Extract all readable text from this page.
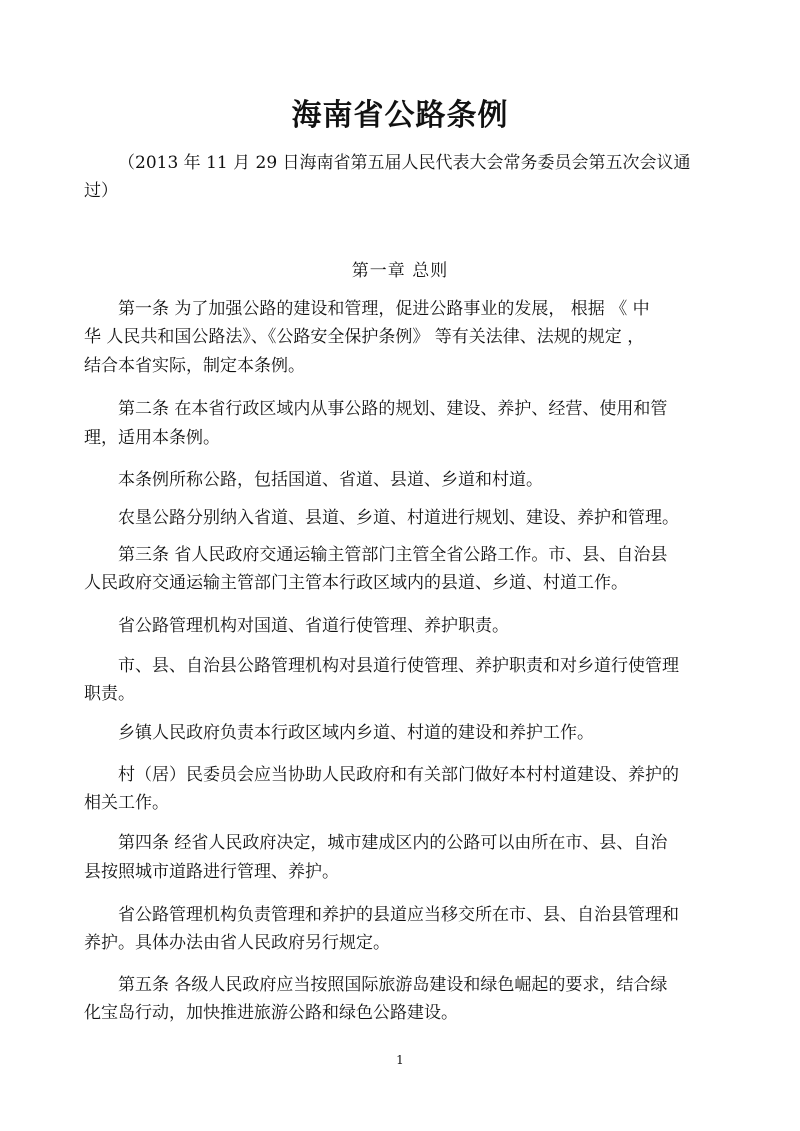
海南省公路条例
（2013 年 11 月 29 日海南省第五届人民代表大会常务委员会第五次会议通
过）
第一章 总则
第一条 为了加强公路的建设和管理，促进公路事业的发展， 根据 《 中
华 人民共和国公路法》、《公路安全保护条例》 等有关法律、法规的规定 ，
结合本省实际，制定本条例。
第二条 在本省行政区域内从事公路的规划、建设、养护、经营、使用和管
理，适用本条例。
本条例所称公路，包括国道、省道、县道、乡道和村道。
农垦公路分别纳入省道、县道、乡道、村道进行规划、建设、养护和管理。
第三条 省人民政府交通运输主管部门主管全省公路工作。市、县、自治县
人民政府交通运输主管部门主管本行政区域内的县道、乡道、村道工作。
省公路管理机构对国道、省道行使管理、养护职责。
市、县、自治县公路管理机构对县道行使管理、养护职责和对乡道行使管理
职责。
乡镇人民政府负责本行政区域内乡道、村道的建设和养护工作。
村（居）民委员会应当协助人民政府和有关部门做好本村村道建设、养护的
相关工作。
第四条 经省人民政府决定，城市建成区内的公路可以由所在市、县、自治
县按照城市道路进行管理、养护。
省公路管理机构负责管理和养护的县道应当移交所在市、县、自治县管理和
养护。具体办法由省人民政府另行规定。
第五条 各级人民政府应当按照国际旅游岛建设和绿色崛起的要求，结合绿
化宝岛行动，加快推进旅游公路和绿色公路建设。
1
